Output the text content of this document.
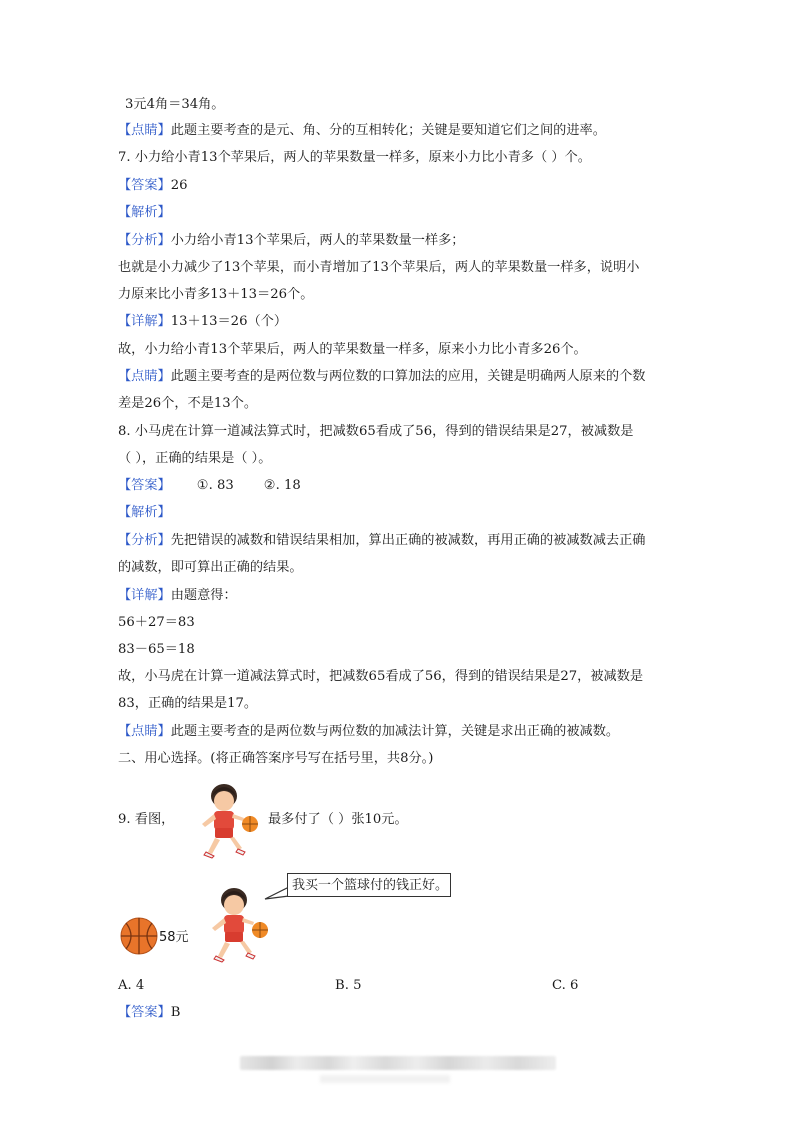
3元4角＝34角。
【点睛】此题主要考查的是元、角、分的互相转化；关键是要知道它们之间的进率。
7. 小力给小青13个苹果后，两人的苹果数量一样多，原来小力比小青多（ ）个。
【答案】26
【解析】
【分析】小力给小青13个苹果后，两人的苹果数量一样多；
也就是小力减少了13个苹果，而小青增加了13个苹果后，两人的苹果数量一样多，说明小
力原来比小青多13＋13＝26个。
【详解】13＋13＝26（个）
故，小力给小青13个苹果后，两人的苹果数量一样多，原来小力比小青多26个。
【点睛】此题主要考查的是两位数与两位数的口算加法的应用，关键是明确两人原来的个数
差是26个，不是13个。
8. 小马虎在计算一道减法算式时，把减数65看成了56，得到的错误结果是27，被减数是
（ ），正确的结果是（ ）。
【答案】 ①. 83 ②. 18
【解析】
【分析】先把错误的减数和错误结果相加，算出正确的被减数，再用正确的被减数减去正确
的减数，即可算出正确的结果。
【详解】由题意得：
56＋27＝83
83－65＝18
故，小马虎在计算一道减法算式时，把减数65看成了56，得到的错误结果是27，被减数是
83，正确的结果是17。
【点睛】此题主要考查的是两位数与两位数的加减法计算，关键是求出正确的被减数。
二、用心选择。(将正确答案序号写在括号里，共8分。)
9. 看图，	最多付了（ ）张10元。
我买一个篮球付的钱正好。
58元
A. 4	B. 5	C. 6
【答案】B
